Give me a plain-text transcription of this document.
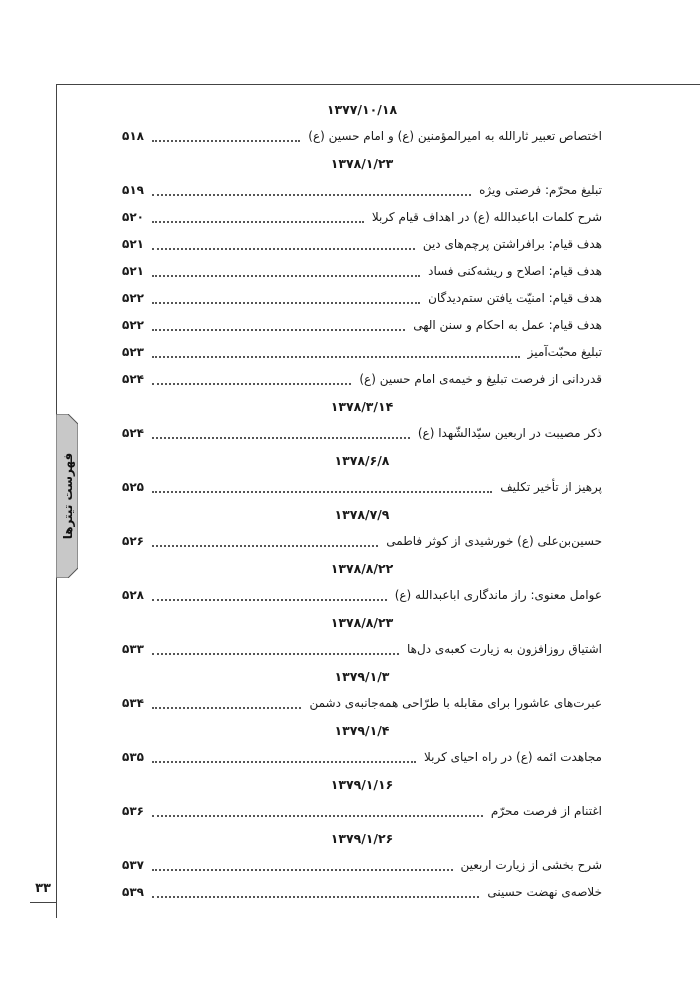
فهرست تیترها
۳۳
۱۳۷۷/۱۰/۱۸
اختصاص تعبیر ثارالله به امیرالمؤمنین (ع) و امام حسین (ع)
۵۱۸
۱۳۷۸/۱/۲۳
تبلیغ محرّم: فرصتی ویژه
۵۱۹
شرح کلمات اباعبدالله (ع) در اهداف قیام کربلا
۵۲۰
هدف قیام: برافراشتن پرچم‌های دین
۵۲۱
هدف قیام: اصلاح و ریشه‌کنی فساد
۵۲۱
هدف قیام: امنیّت یافتن ستم‌دیدگان
۵۲۲
هدف قیام: عمل به احکام و سنن الهی
۵۲۲
تبلیغ محبّت‌آمیز
۵۲۳
قدردانی از فرصت تبلیغ و خیمه‌ی امام حسین (ع)
۵۲۴
۱۳۷۸/۳/۱۴
ذکر مصیبت در اربعین سیّدالشّهدا (ع)
۵۲۴
۱۳۷۸/۶/۸
پرهیز از تأخیر تکلیف
۵۲۵
۱۳۷۸/۷/۹
حسین‌بن‌علی (ع) خورشیدی از کوثر فاطمی
۵۲۶
۱۳۷۸/۸/۲۲
عوامل معنوی: راز ماندگاری اباعبدالله (ع)
۵۲۸
۱۳۷۸/۸/۲۳
اشتیاق روزافزون به زیارت کعبه‌ی دل‌ها
۵۳۳
۱۳۷۹/۱/۳
عبرت‌های عاشورا برای مقابله با طرّاحی همه‌جانبه‌ی دشمن
۵۳۴
۱۳۷۹/۱/۴
مجاهدت ائمه (ع) در راه احیای کربلا
۵۳۵
۱۳۷۹/۱/۱۶
اغتنام از فرصت محرّم
۵۳۶
۱۳۷۹/۱/۲۶
شرح بخشی از زیارت اربعین
۵۳۷
خلاصه‌ی نهضت حسینی
۵۳۹
